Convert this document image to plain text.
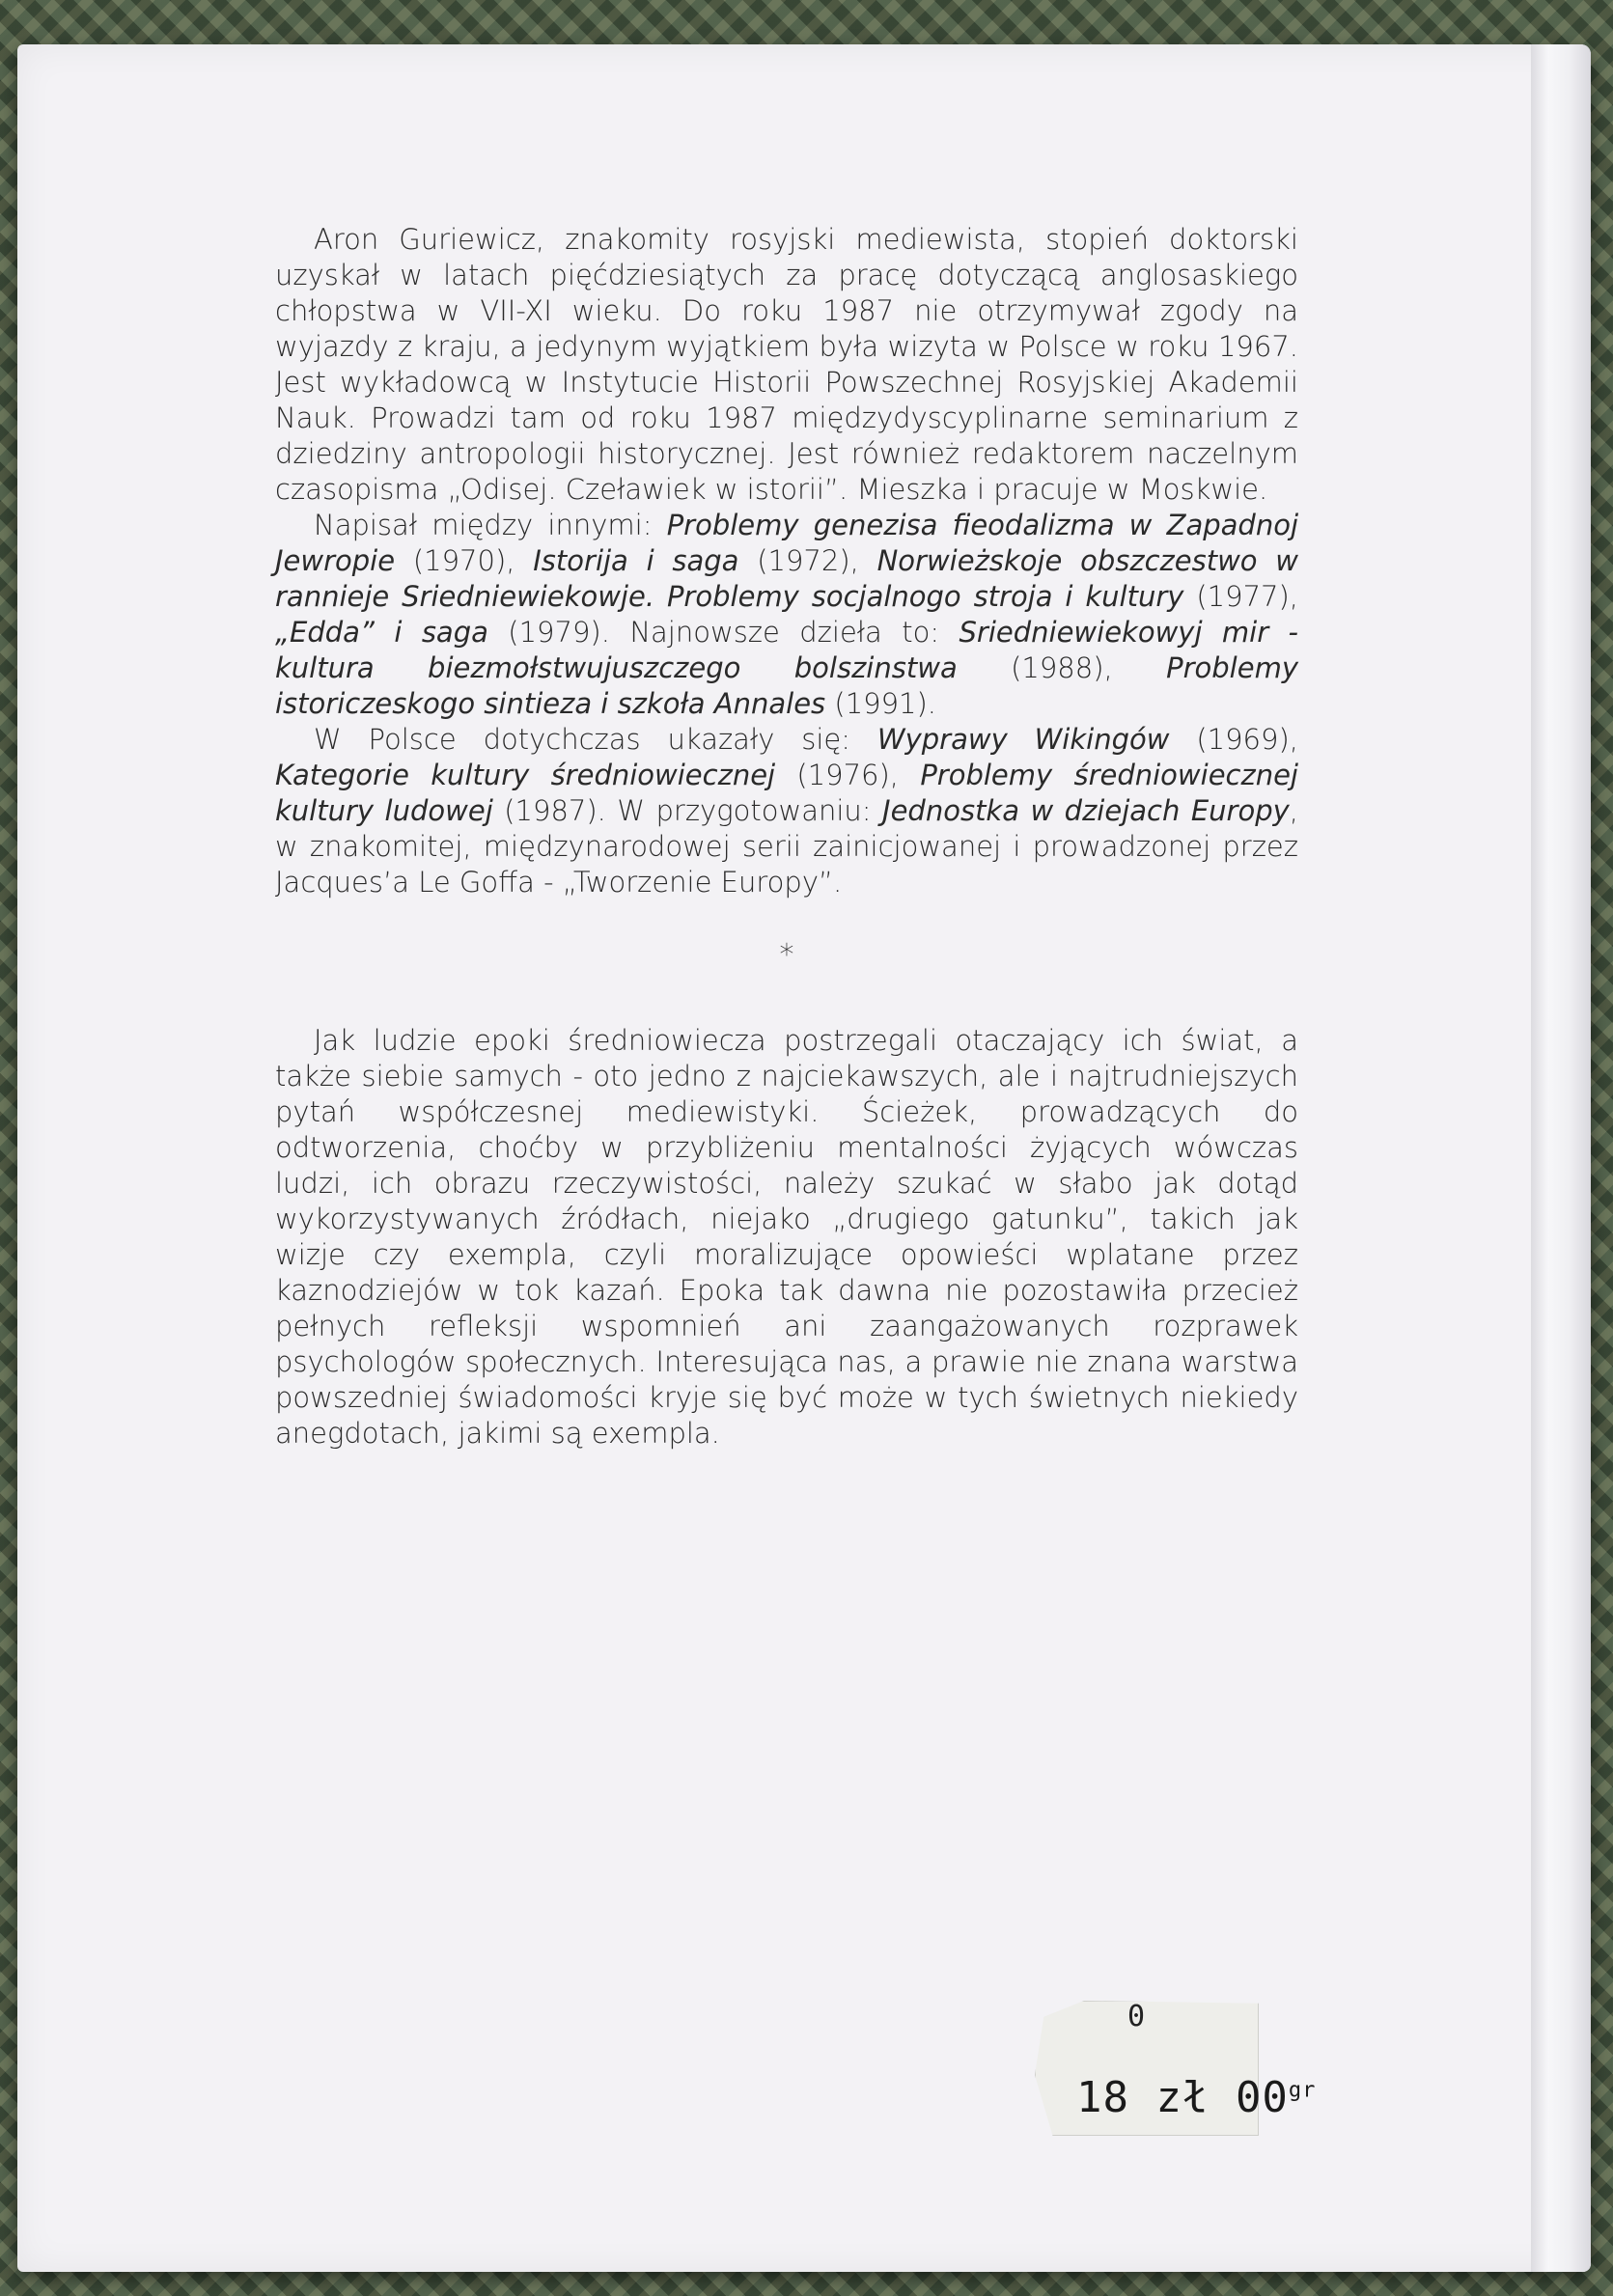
Aron Guriewicz, znakomity rosyjski mediewista, stopień doktorski uzyskał w latach pięćdziesiątych za pracę dotyczącą anglosaskiego chłopstwa w VII-XI wieku. Do roku 1987 nie otrzymywał zgody na wyjazdy z kraju, a jedynym wyjątkiem była wizyta w Polsce w roku 1967. Jest wykładowcą w Instytucie Historii Powszechnej Rosyjskiej Akademii Nauk. Prowadzi tam od roku 1987 międzydyscyplinarne seminarium z dziedziny antropologii historycznej. Jest również redaktorem naczelnym czasopisma „Odisej. Czeławiek w istorii”. Mieszka i pracuje w Moskwie.

Napisał między innymi: Problemy genezisa fieodalizma w Zapadnoj Jewropie (1970), Istorija i saga (1972), Norwieżskoje obszczestwo w rannieje Sriedniewiekowje. Problemy socjalnogo stroja i kultury (1977), „Edda” i saga (1979). Najnowsze dzieła to: Sriedniewiekowyj mir - kultura biezmołstwujuszczego bolszinstwa (1988), Problemy istoriczeskogo sintieza i szkoła Annales (1991).

W Polsce dotychczas ukazały się: Wyprawy Wikingów (1969), Kategorie kultury średniowiecznej (1976), Problemy średniowiecznej kultury ludowej (1987). W przygotowaniu: Jednostka w dziejach Europy, w znakomitej, międzynarodowej serii zainicjowanej i prowadzonej przez Jacques’a Le Goffa - „Tworzenie Europy”.

*

Jak ludzie epoki średniowiecza postrzegali otaczający ich świat, a także siebie samych - oto jedno z najciekawszych, ale i najtrudniejszych pytań współczesnej mediewistyki. Ścieżek, prowadzących do odtworzenia, choćby w przybliżeniu mentalności żyjących wówczas ludzi, ich obrazu rzeczywistości, należy szukać w słabo jak dotąd wykorzystywanych źródłach, niejako „drugiego gatunku”, takich jak wizje czy exempla, czyli moralizujące opowieści wplatane przez kaznodziejów w tok kazań. Epoka tak dawna nie pozostawiła przecież pełnych refleksji wspomnień ani zaangażowanych rozprawek psychologów społecznych. Interesująca nas, a prawie nie znana warstwa powszedniej świadomości kryje się być może w tych świetnych niekiedy anegdotach, jakimi są exempla.

0
18 zł $00^{gr}$
